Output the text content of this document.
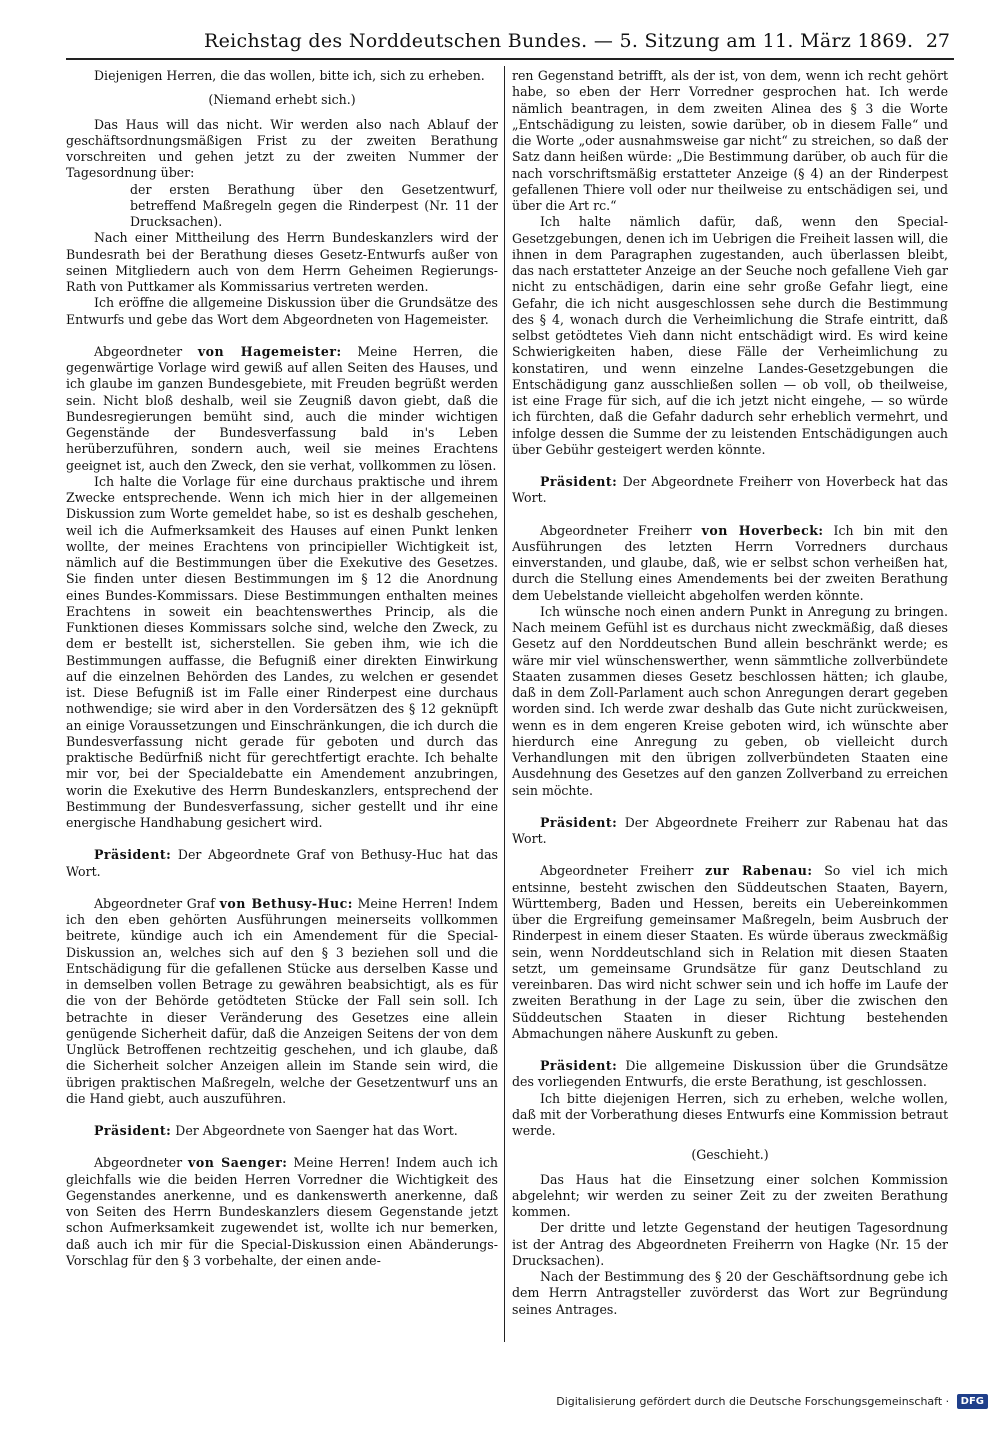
Reichstag des Norddeutschen Bundes. — 5. Sitzung am 11. März 1869. 27

Diejenigen Herren, die das wollen, bitte ich, sich zu erheben.

(Niemand erhebt sich.)

Das Haus will das nicht. Wir werden also nach Ablauf der geschäftsordnungsmäßigen Frist zu der zweiten Berathung vorschreiten und gehen jetzt zu der zweiten Nummer der Tagesordnung über:

der ersten Berathung über den Gesetzentwurf, betreffend Maßregeln gegen die Rinderpest (Nr. 11 der Drucksachen).

Nach einer Mittheilung des Herrn Bundeskanzlers wird der Bundesrath bei der Berathung dieses Gesetz-Entwurfs außer von seinen Mitgliedern auch von dem Herrn Geheimen Regierungs-Rath von Puttkamer als Kommissarius vertreten werden.

Ich eröffne die allgemeine Diskussion über die Grundsätze des Entwurfs und gebe das Wort dem Abgeordneten von Hagemeister.

Abgeordneter von Hagemeister: Meine Herren, die gegenwärtige Vorlage wird gewiß auf allen Seiten des Hauses, und ich glaube im ganzen Bundesgebiete, mit Freuden begrüßt werden sein. Nicht bloß deshalb, weil sie Zeugniß davon giebt, daß die Bundesregierungen bemüht sind, auch die minder wichtigen Gegenstände der Bundesverfassung bald in's Leben herüberzuführen, sondern auch, weil sie meines Erachtens geeignet ist, auch den Zweck, den sie verhat, vollkommen zu lösen.

Ich halte die Vorlage für eine durchaus praktische und ihrem Zwecke entsprechende. Wenn ich mich hier in der allgemeinen Diskussion zum Worte gemeldet habe, so ist es deshalb geschehen, weil ich die Aufmerksamkeit des Hauses auf einen Punkt lenken wollte, der meines Erachtens von principieller Wichtigkeit ist, nämlich auf die Bestimmungen über die Exekutive des Gesetzes. Sie finden unter diesen Bestimmungen im § 12 die Anordnung eines Bundes-Kommissars. Diese Bestimmungen enthalten meines Erachtens in soweit ein beachtenswerthes Princip, als die Funktionen dieses Kommissars solche sind, welche den Zweck, zu dem er bestellt ist, sicherstellen. Sie geben ihm, wie ich die Bestimmungen auffasse, die Befugniß einer direkten Einwirkung auf die einzelnen Behörden des Landes, zu welchen er gesendet ist. Diese Befugniß ist im Falle einer Rinderpest eine durchaus nothwendige; sie wird aber in den Vordersätzen des § 12 geknüpft an einige Voraussetzungen und Einschränkungen, die ich durch die Bundesverfassung nicht gerade für geboten und durch das praktische Bedürfniß nicht für gerechtfertigt erachte. Ich behalte mir vor, bei der Specialdebatte ein Amendement anzubringen, worin die Exekutive des Herrn Bundeskanzlers, entsprechend der Bestimmung der Bundesverfassung, sicher gestellt und ihr eine energische Handhabung gesichert wird.

Präsident: Der Abgeordnete Graf von Bethusy-Huc hat das Wort.

Abgeordneter Graf von Bethusy-Huc: Meine Herren! Indem ich den eben gehörten Ausführungen meinerseits vollkommen beitrete, kündige auch ich ein Amendement für die Special-Diskussion an, welches sich auf den § 3 beziehen soll und die Entschädigung für die gefallenen Stücke aus derselben Kasse und in demselben vollen Betrage zu gewähren beabsichtigt, als es für die von der Behörde getödteten Stücke der Fall sein soll. Ich betrachte in dieser Veränderung des Gesetzes eine allein genügende Sicherheit dafür, daß die Anzeigen Seitens der von dem Unglück Betroffenen rechtzeitig geschehen, und ich glaube, daß die Sicherheit solcher Anzeigen allein im Stande sein wird, die übrigen praktischen Maßregeln, welche der Gesetzentwurf uns an die Hand giebt, auch auszuführen.

Präsident: Der Abgeordnete von Saenger hat das Wort.

Abgeordneter von Saenger: Meine Herren! Indem auch ich gleichfalls wie die beiden Herren Vorredner die Wichtigkeit des Gegenstandes anerkenne, und es dankenswerth anerkenne, daß von Seiten des Herrn Bundeskanzlers diesem Gegenstande jetzt schon Aufmerksamkeit zugewendet ist, wollte ich nur bemerken, daß auch ich mir für die Special-Diskussion einen Abänderungs-Vorschlag für den § 3 vorbehalte, der einen ande-

ren Gegenstand betrifft, als der ist, von dem, wenn ich recht gehört habe, so eben der Herr Vorredner gesprochen hat. Ich werde nämlich beantragen, in dem zweiten Alinea des § 3 die Worte „Entschädigung zu leisten, sowie darüber, ob in diesem Falle“ und die Worte „oder ausnahmsweise gar nicht“ zu streichen, so daß der Satz dann heißen würde: „Die Bestimmung darüber, ob auch für die nach vorschriftsmäßig erstatteter Anzeige (§ 4) an der Rinderpest gefallenen Thiere voll oder nur theilweise zu entschädigen sei, und über die Art rc.“

Ich halte nämlich dafür, daß, wenn den Special-Gesetzgebungen, denen ich im Uebrigen die Freiheit lassen will, die ihnen in dem Paragraphen zugestanden, auch überlassen bleibt, das nach erstatteter Anzeige an der Seuche noch gefallene Vieh gar nicht zu entschädigen, darin eine sehr große Gefahr liegt, eine Gefahr, die ich nicht ausgeschlossen sehe durch die Bestimmung des § 4, wonach durch die Verheimlichung die Strafe eintritt, daß selbst getödtetes Vieh dann nicht entschädigt wird. Es wird keine Schwierigkeiten haben, diese Fälle der Verheimlichung zu konstatiren, und wenn einzelne Landes-Gesetzgebungen die Entschädigung ganz ausschließen sollen — ob voll, ob theilweise, ist eine Frage für sich, auf die ich jetzt nicht eingehe, — so würde ich fürchten, daß die Gefahr dadurch sehr erheblich vermehrt, und infolge dessen die Summe der zu leistenden Entschädigungen auch über Gebühr gesteigert werden könnte.

Präsident: Der Abgeordnete Freiherr von Hoverbeck hat das Wort.

Abgeordneter Freiherr von Hoverbeck: Ich bin mit den Ausführungen des letzten Herrn Vorredners durchaus einverstanden, und glaube, daß, wie er selbst schon verheißen hat, durch die Stellung eines Amendements bei der zweiten Berathung dem Uebelstande vielleicht abgeholfen werden könnte.

Ich wünsche noch einen andern Punkt in Anregung zu bringen. Nach meinem Gefühl ist es durchaus nicht zweckmäßig, daß dieses Gesetz auf den Norddeutschen Bund allein beschränkt werde; es wäre mir viel wünschenswerther, wenn sämmtliche zollverbündete Staaten zusammen dieses Gesetz beschlossen hätten; ich glaube, daß in dem Zoll-Parlament auch schon Anregungen derart gegeben worden sind. Ich werde zwar deshalb das Gute nicht zurückweisen, wenn es in dem engeren Kreise geboten wird, ich wünschte aber hierdurch eine Anregung zu geben, ob vielleicht durch Verhandlungen mit den übrigen zollverbündeten Staaten eine Ausdehnung des Gesetzes auf den ganzen Zollverband zu erreichen sein möchte.

Präsident: Der Abgeordnete Freiherr zur Rabenau hat das Wort.

Abgeordneter Freiherr zur Rabenau: So viel ich mich entsinne, besteht zwischen den Süddeutschen Staaten, Bayern, Württemberg, Baden und Hessen, bereits ein Uebereinkommen über die Ergreifung gemeinsamer Maßregeln, beim Ausbruch der Rinderpest in einem dieser Staaten. Es würde überaus zweckmäßig sein, wenn Norddeutschland sich in Relation mit diesen Staaten setzt, um gemeinsame Grundsätze für ganz Deutschland zu vereinbaren. Das wird nicht schwer sein und ich hoffe im Laufe der zweiten Berathung in der Lage zu sein, über die zwischen den Süddeutschen Staaten in dieser Richtung bestehenden Abmachungen nähere Auskunft zu geben.

Präsident: Die allgemeine Diskussion über die Grundsätze des vorliegenden Entwurfs, die erste Berathung, ist geschlossen.

Ich bitte diejenigen Herren, sich zu erheben, welche wollen, daß mit der Vorberathung dieses Entwurfs eine Kommission betraut werde.

(Geschieht.)

Das Haus hat die Einsetzung einer solchen Kommission abgelehnt; wir werden zu seiner Zeit zu der zweiten Berathung kommen.

Der dritte und letzte Gegenstand der heutigen Tagesordnung ist der Antrag des Abgeordneten Freiherrn von Hagke (Nr. 15 der Drucksachen).

Nach der Bestimmung des § 20 der Geschäftsordnung gebe ich dem Herrn Antragsteller zuvörderst das Wort zur Begründung seines Antrages.

Digitalisierung gefördert durch die Deutsche Forschungsgemeinschaft · DFG
